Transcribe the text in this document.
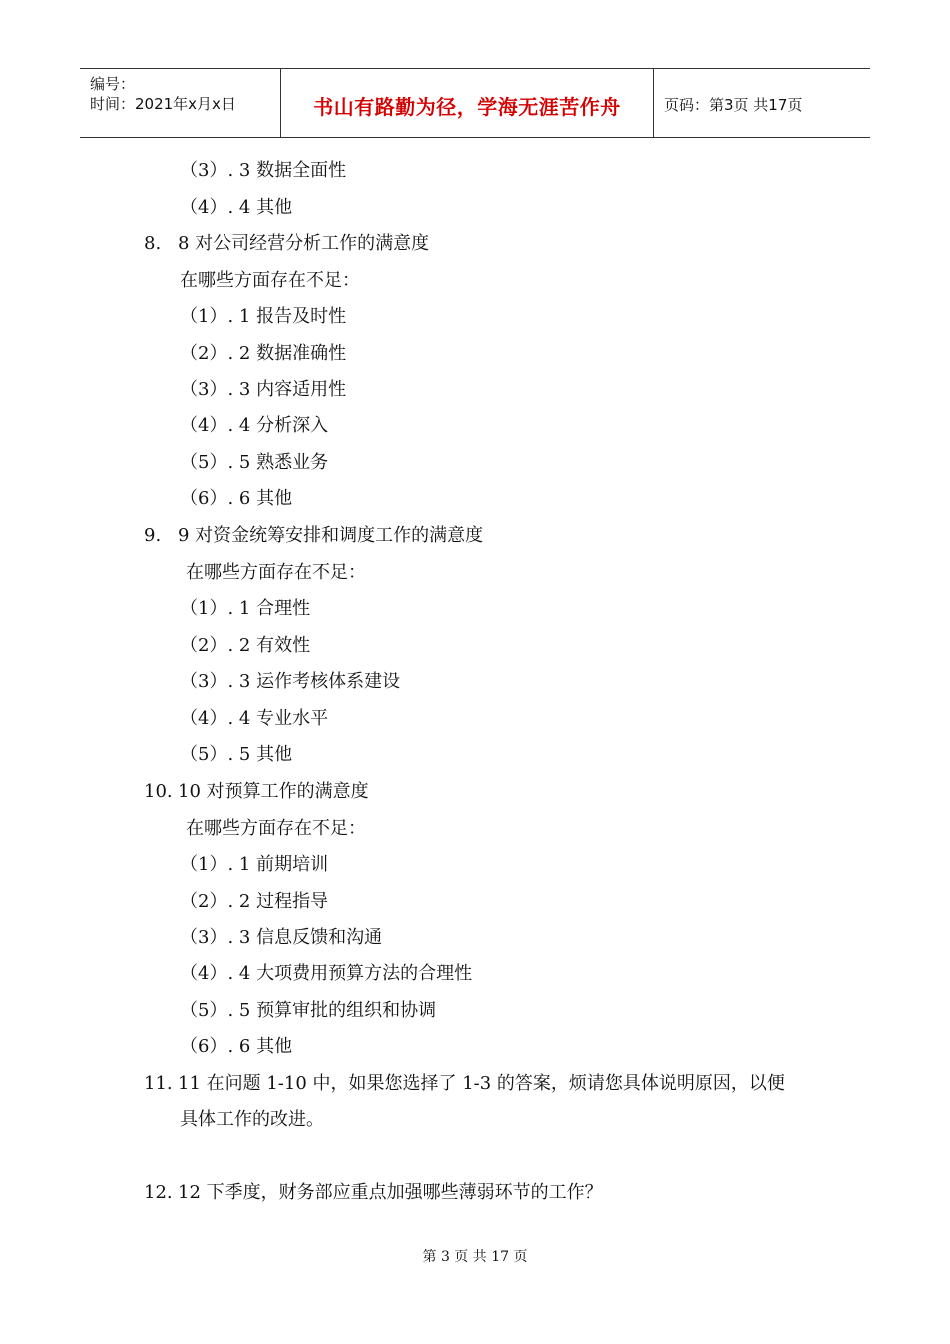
编号：
时间：2021年x月x日	书山有路勤为径，学海无涯苦作舟	页码：第3页 共17页
（3）. 3 数据全面性
（4）. 4 其他
8. 8 对公司经营分析工作的满意度
在哪些方面存在不足：
（1）. 1 报告及时性
（2）. 2 数据准确性
（3）. 3 内容适用性
（4）. 4 分析深入
（5）. 5 熟悉业务
（6）. 6 其他
9. 9 对资金统筹安排和调度工作的满意度
在哪些方面存在不足：
（1）. 1 合理性
（2）. 2 有效性
（3）. 3 运作考核体系建设
（4）. 4 专业水平
（5）. 5 其他
10. 10 对预算工作的满意度
在哪些方面存在不足：
（1）. 1 前期培训
（2）. 2 过程指导
（3）. 3 信息反馈和沟通
（4）. 4 大项费用预算方法的合理性
（5）. 5 预算审批的组织和协调
（6）. 6 其他
11. 11 在问题 1-10 中，如果您选择了 1-3 的答案，烦请您具体说明原因，以便
具体工作的改进。
12. 12 下季度，财务部应重点加强哪些薄弱环节的工作？
第 3 页 共 17 页
